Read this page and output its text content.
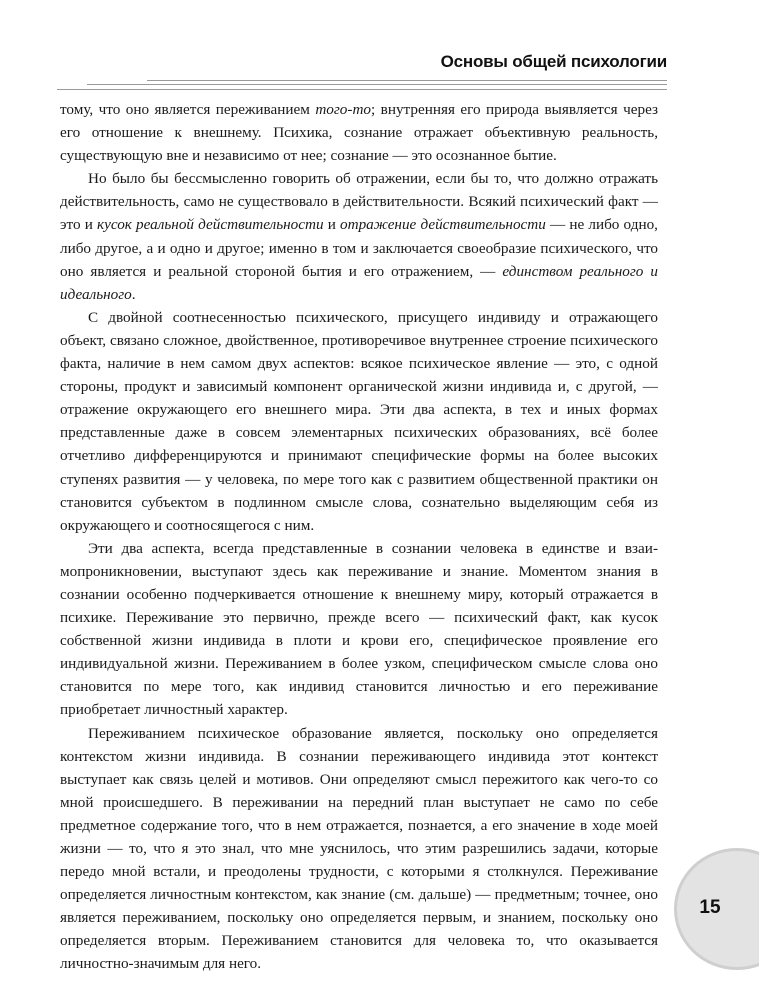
Основы общей психологии

тому, что оно является переживанием того-то; внутренняя его природа выявляется через его отношение к внешнему. Психика, сознание отражает объективную реальность, существующую вне и независимо от нее; сознание — это осознанное бытие.

Но было бы бессмысленно говорить об отражении, если бы то, что должно отражать действительность, само не существовало в действительности. Всякий психический факт — это и кусок реальной действительности и отражение действительности — не либо одно, либо другое, а и одно и другое; именно в том и заключается своеобразие психического, что оно является и реальной стороной бытия и его отражением, — единством реального и идеального.

С двойной соотнесенностью психического, присущего индивиду и отражающего объект, связано сложное, двойственное, противоречивое внутреннее строение психического факта, наличие в нем самом двух аспектов: всякое психическое явление — это, с одной стороны, продукт и зависимый компонент органической жизни индивида и, с другой, — отражение окружающего его внешнего мира. Эти два аспекта, в тех и иных формах представленные даже в совсем элементарных психических образованиях, всё более отчетливо дифференцируются и принимают специфические формы на более высоких ступенях развития — у человека, по мере того как с развитием общественной практики он становится субъектом в подлинном смысле слова, сознательно выделяющим себя из окружающего и соотносящегося с ним.

Эти два аспекта, всегда представленные в сознании человека в единстве и взаимопроникновении, выступают здесь как переживание и знание. Моментом знания в сознании особенно подчеркивается отношение к внешнему миру, который отражается в психике. Переживание это первично, прежде всего — психический факт, как кусок собственной жизни индивида в плоти и крови его, специфическое проявление его индивидуальной жизни. Переживанием в более узком, специфическом смысле слова оно становится по мере того, как индивид становится личностью и его переживание приобретает личностный характер.

Переживанием психическое образование является, поскольку оно определяется контекстом жизни индивида. В сознании переживающего индивида этот контекст выступает как связь целей и мотивов. Они определяют смысл пережитого как чего-то со мной происшедшего. В переживании на передний план выступает не само по себе предметное содержание того, что в нем отражается, познается, а его значение в ходе моей жизни — то, что я это знал, что мне уяснилось, что этим разрешились задачи, которые передо мной встали, и преодолены трудности, с которыми я столкнулся. Переживание определяется личностным контекстом, как знание (см. дальше) — предметным; точнее, оно является переживанием, поскольку оно определяется первым, и знанием, поскольку оно определяется вторым. Переживанием становится для человека то, что оказывается личностно-значимым для него.

15
